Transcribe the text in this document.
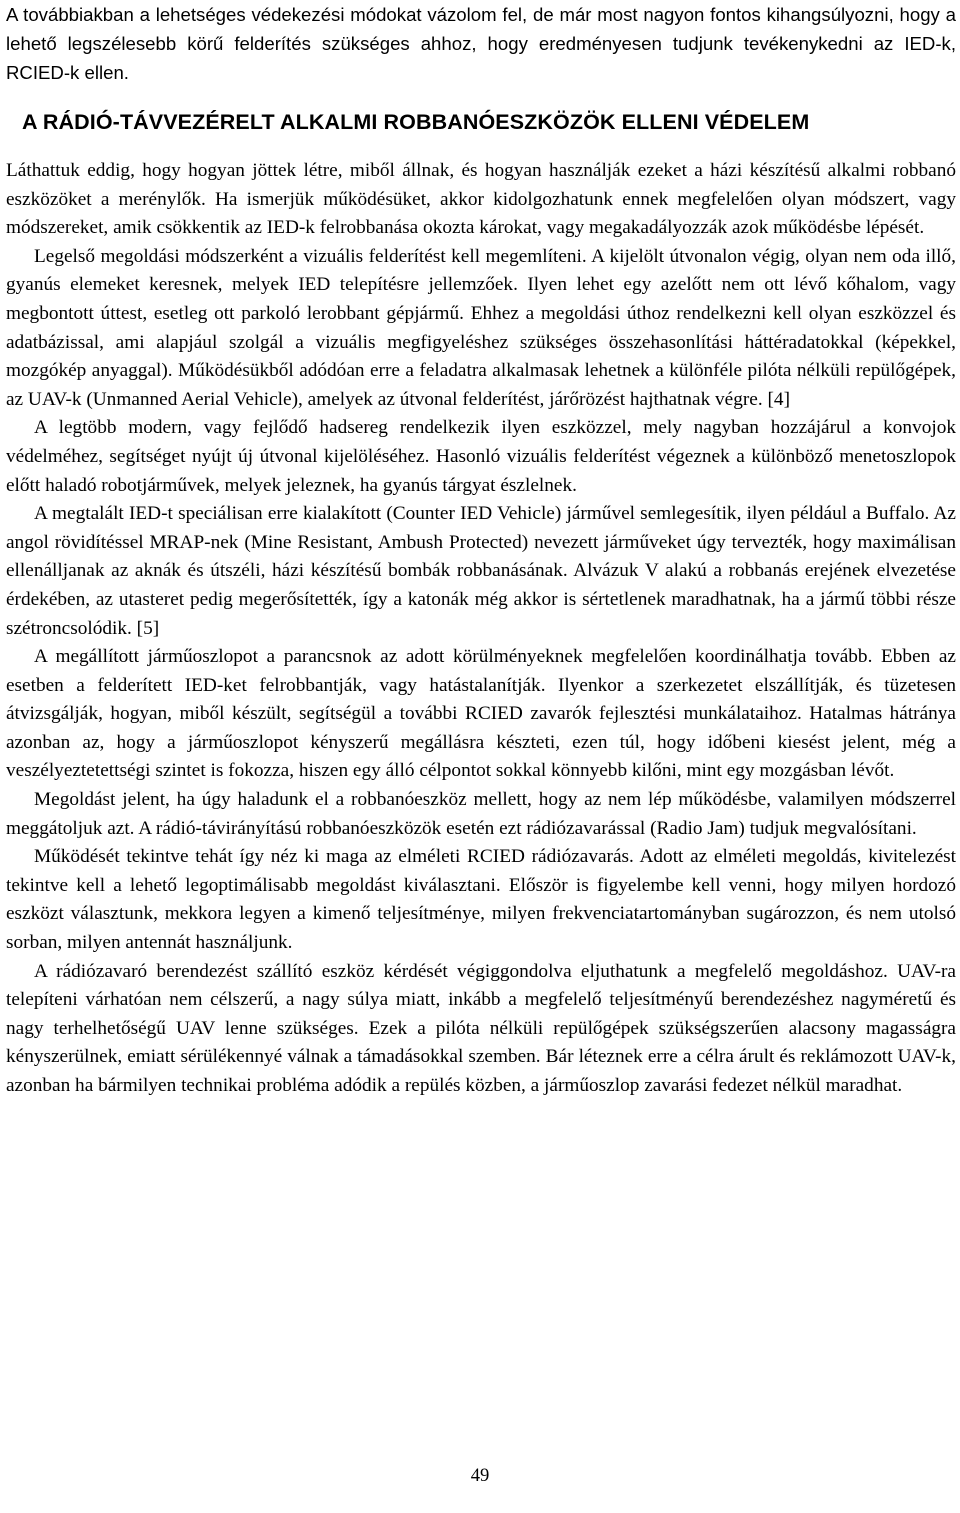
A továbbiakban a lehetséges védekezési módokat vázolom fel, de már most nagyon fontos kihangsúlyozni, hogy a lehető legszélesebb körű felderítés szükséges ahhoz, hogy eredményesen tudjunk tevékenykedni az IED-k, RCIED-k ellen.

A RÁDIÓ-TÁVVEZÉRELT ALKALMI ROBBANÓESZKÖZÖK ELLENI VÉDELEM

Láthattuk eddig, hogy hogyan jöttek létre, miből állnak, és hogyan használják ezeket a házi készítésű alkalmi robbanó eszközöket a merénylők. Ha ismerjük működésüket, akkor kidolgozhatunk ennek megfelelően olyan módszert, vagy módszereket, amik csökkentik az IED-k felrobbanása okozta károkat, vagy megakadályozzák azok működésbe lépését.

Legelső megoldási módszerként a vizuális felderítést kell megemlíteni. A kijelölt útvonalon végig, olyan nem oda illő, gyanús elemeket keresnek, melyek IED telepítésre jellemzőek. Ilyen lehet egy azelőtt nem ott lévő kőhalom, vagy megbontott úttest, esetleg ott parkoló lerobbant gépjármű. Ehhez a megoldási úthoz rendelkezni kell olyan eszközzel és adatbázissal, ami alapjául szolgál a vizuális megfigyeléshez szükséges összehasonlítási háttéradatokkal (képekkel, mozgókép anyaggal). Működésükből adódóan erre a feladatra alkalmasak lehetnek a különféle pilóta nélküli repülőgépek, az UAV-k (Unmanned Aerial Vehicle), amelyek az útvonal felderítést, járőrözést hajthatnak végre. [4]

A legtöbb modern, vagy fejlődő hadsereg rendelkezik ilyen eszközzel, mely nagyban hozzájárul a konvojok védelméhez, segítséget nyújt új útvonal kijelöléséhez. Hasonló vizuális felderítést végeznek a különböző menetoszlopok előtt haladó robotjárművek, melyek jeleznek, ha gyanús tárgyat észlelnek.

A megtalált IED-t speciálisan erre kialakított (Counter IED Vehicle) járművel semlegesítik, ilyen például a Buffalo. Az angol rövidítéssel MRAP-nek (Mine Resistant, Ambush Protected) nevezett járműveket úgy tervezték, hogy maximálisan ellenálljanak az aknák és útszéli, házi készítésű bombák robbanásának. Alvázuk V alakú a robbanás erejének elvezetése érdekében, az utasteret pedig megerősítették, így a katonák még akkor is sértetlenek maradhatnak, ha a jármű többi része szétroncsolódik. [5]

A megállított járműoszlopot a parancsnok az adott körülményeknek megfelelően koordinálhatja tovább. Ebben az esetben a felderített IED-ket felrobbantják, vagy hatástalanítják. Ilyenkor a szerkezetet elszállítják, és tüzetesen átvizsgálják, hogyan, miből készült, segítségül a további RCIED zavarók fejlesztési munkálataihoz. Hatalmas hátránya azonban az, hogy a járműoszlopot kényszerű megállásra készteti, ezen túl, hogy időbeni kiesést jelent, még a veszélyeztetettségi szintet is fokozza, hiszen egy álló célpontot sokkal könnyebb kilőni, mint egy mozgásban lévőt.

Megoldást jelent, ha úgy haladunk el a robbanóeszköz mellett, hogy az nem lép működésbe, valamilyen módszerrel meggátoljuk azt. A rádió-távirányítású robbanóeszközök esetén ezt rádiózavarással (Radio Jam) tudjuk megvalósítani.

Működését tekintve tehát így néz ki maga az elméleti RCIED rádiózavarás. Adott az elméleti megoldás, kivitelezést tekintve kell a lehető legoptimálisabb megoldást kiválasztani. Először is figyelembe kell venni, hogy milyen hordozó eszközt választunk, mekkora legyen a kimenő teljesítménye, milyen frekvenciatartományban sugározzon, és nem utolsó sorban, milyen antennát használjunk.

A rádiózavaró berendezést szállító eszköz kérdését végiggondolva eljuthatunk a megfelelő megoldáshoz. UAV-ra telepíteni várhatóan nem célszerű, a nagy súlya miatt, inkább a megfelelő teljesítményű berendezéshez nagyméretű és nagy terhelhetőségű UAV lenne szükséges. Ezek a pilóta nélküli repülőgépek szükségszerűen alacsony magasságra kényszerülnek, emiatt sérülékennyé válnak a támadásokkal szemben. Bár léteznek erre a célra árult és reklámozott UAV-k, azonban ha bármilyen technikai probléma adódik a repülés közben, a járműoszlop zavarási fedezet nélkül maradhat.

49
